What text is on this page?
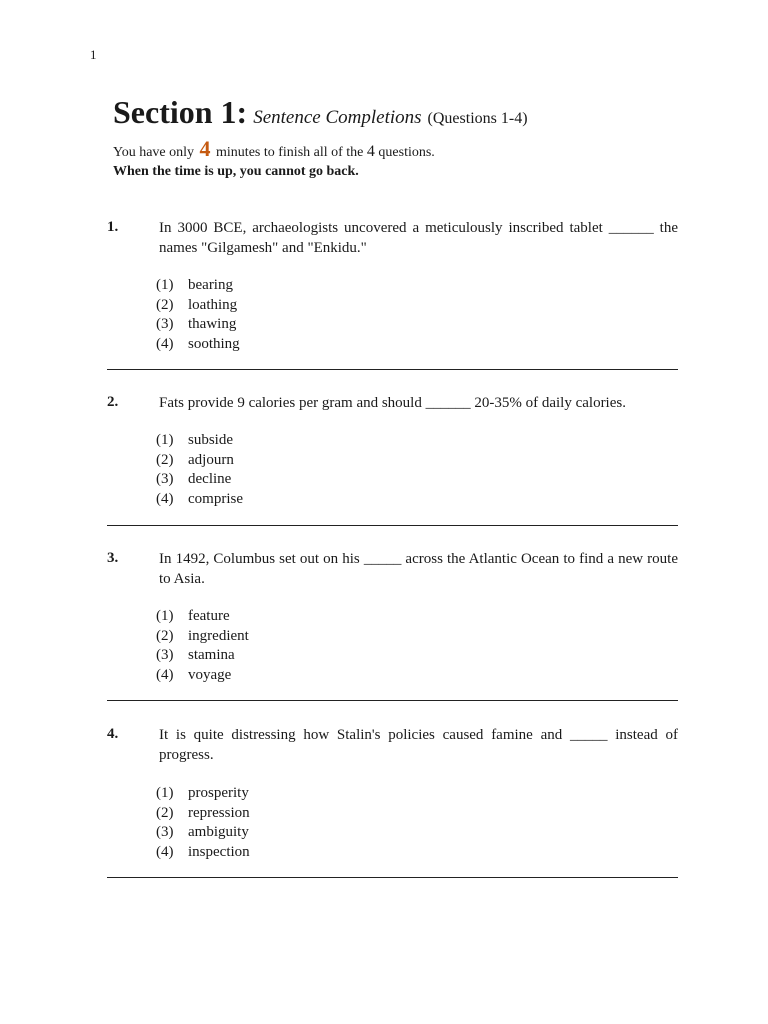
1
Section 1: Sentence Completions (Questions 1-4)
You have only 4 minutes to finish all of the 4 questions.
When the time is up, you cannot go back.
1.	In 3000 BCE, archaeologists uncovered a meticulously inscribed tablet ______ the names "Gilgamesh" and "Enkidu."
(1) bearing
(2) loathing
(3) thawing
(4) soothing
2.	Fats provide 9 calories per gram and should ______ 20-35% of daily calories.
(1) subside
(2) adjourn
(3) decline
(4) comprise
3.	In 1492, Columbus set out on his _____ across the Atlantic Ocean to find a new route to Asia.
(1) feature
(2) ingredient
(3) stamina
(4) voyage
4.	It is quite distressing how Stalin's policies caused famine and _____ instead of progress.
(1) prosperity
(2) repression
(3) ambiguity
(4) inspection
